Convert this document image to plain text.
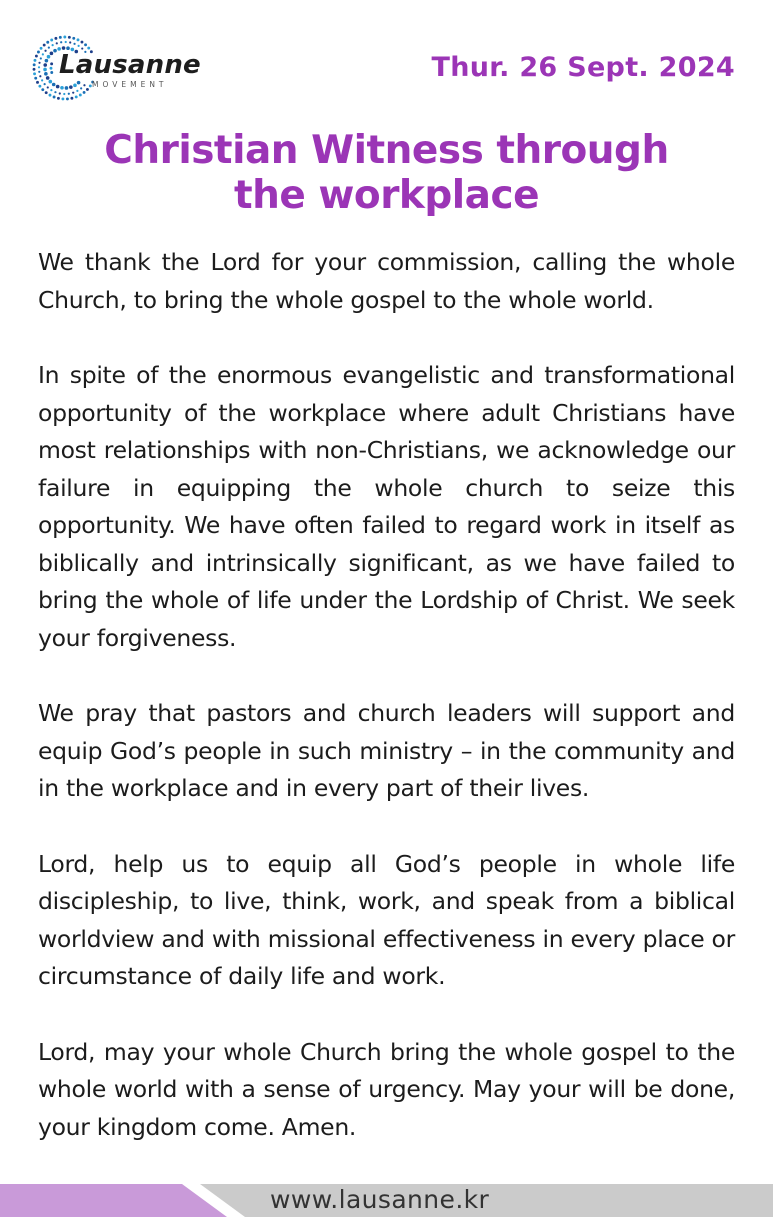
Lausanne
MOVEMENT
Thur. 26 Sept. 2024
Christian Witness through
the workplace

We thank the Lord for your commission, calling the whole Church, to bring the whole gospel to the whole world.

In spite of the enormous evangelistic and transformational opportunity of the workplace where adult Christians have most relationships with non-Christians, we acknowledge our failure in equipping the whole church to seize this opportunity. We have often failed to regard work in itself as biblically and intrinsically significant, as we have failed to bring the whole of life under the Lordship of Christ. We seek your forgiveness.

We pray that pastors and church leaders will support and equip God’s people in such ministry – in the community and in the workplace and in every part of their lives.

Lord, help us to equip all God’s people in whole life discipleship, to live, think, work, and speak from a biblical worldview and with missional effectiveness in every place or circumstance of daily life and work.

Lord, may your whole Church bring the whole gospel to the whole world with a sense of urgency. May your will be done, your kingdom come. Amen.

www.lausanne.kr
